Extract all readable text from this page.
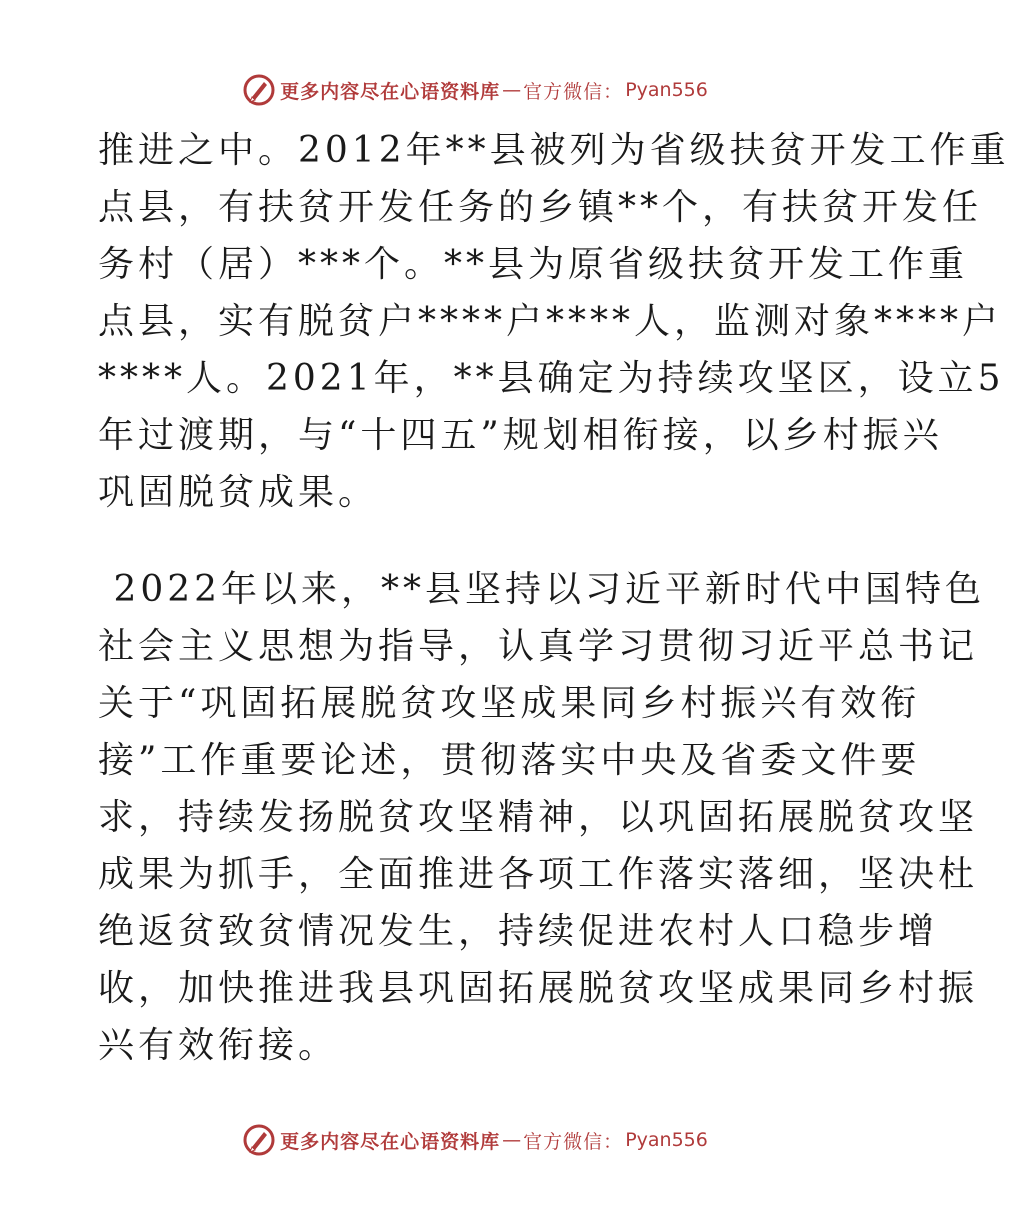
更多内容尽在心语资料库 — 官方微信： Pyan556
推进之中。2012年**县被列为省级扶贫开发工作重
点县，有扶贫开发任务的乡镇**个，有扶贫开发任
务村（居）***个。**县为原省级扶贫开发工作重
点县，实有脱贫户****户****人，监测对象****户
****人。2021年，**县确定为持续攻坚区，设立5
年过渡期，与“十四五”规划相衔接，以乡村振兴
巩固脱贫成果。
2022年以来，**县坚持以习近平新时代中国特色
社会主义思想为指导，认真学习贯彻习近平总书记
关于“巩固拓展脱贫攻坚成果同乡村振兴有效衔
接”工作重要论述，贯彻落实中央及省委文件要
求，持续发扬脱贫攻坚精神，以巩固拓展脱贫攻坚
成果为抓手，全面推进各项工作落实落细，坚决杜
绝返贫致贫情况发生，持续促进农村人口稳步增
收，加快推进我县巩固拓展脱贫攻坚成果同乡村振
兴有效衔接。
更多内容尽在心语资料库 — 官方微信： Pyan556
